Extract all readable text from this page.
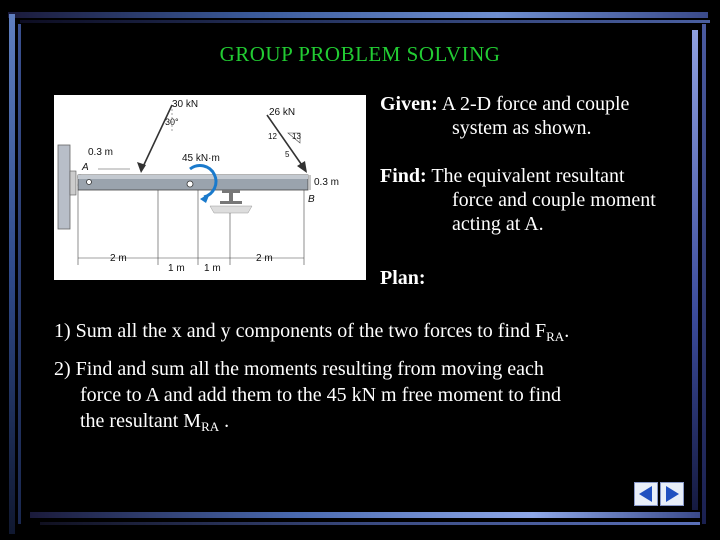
GROUP PROBLEM SOLVING
30 kN
30°
26 kN
12 13
5
45 kN·m
0.3 m
0.3 m
A
B
2 m
1 m 1 m
2 m
Given: A 2-D force and couple
system as shown.
Find: The equivalent resultant
force and couple moment
acting at A.
Plan:
1) Sum all the x and y components of the two forces to find $F_{RA}$.
2) Find and sum all the moments resulting from moving each
force to A and add them to the 45 kN m free moment to find
the resultant $M_{RA}$ .
